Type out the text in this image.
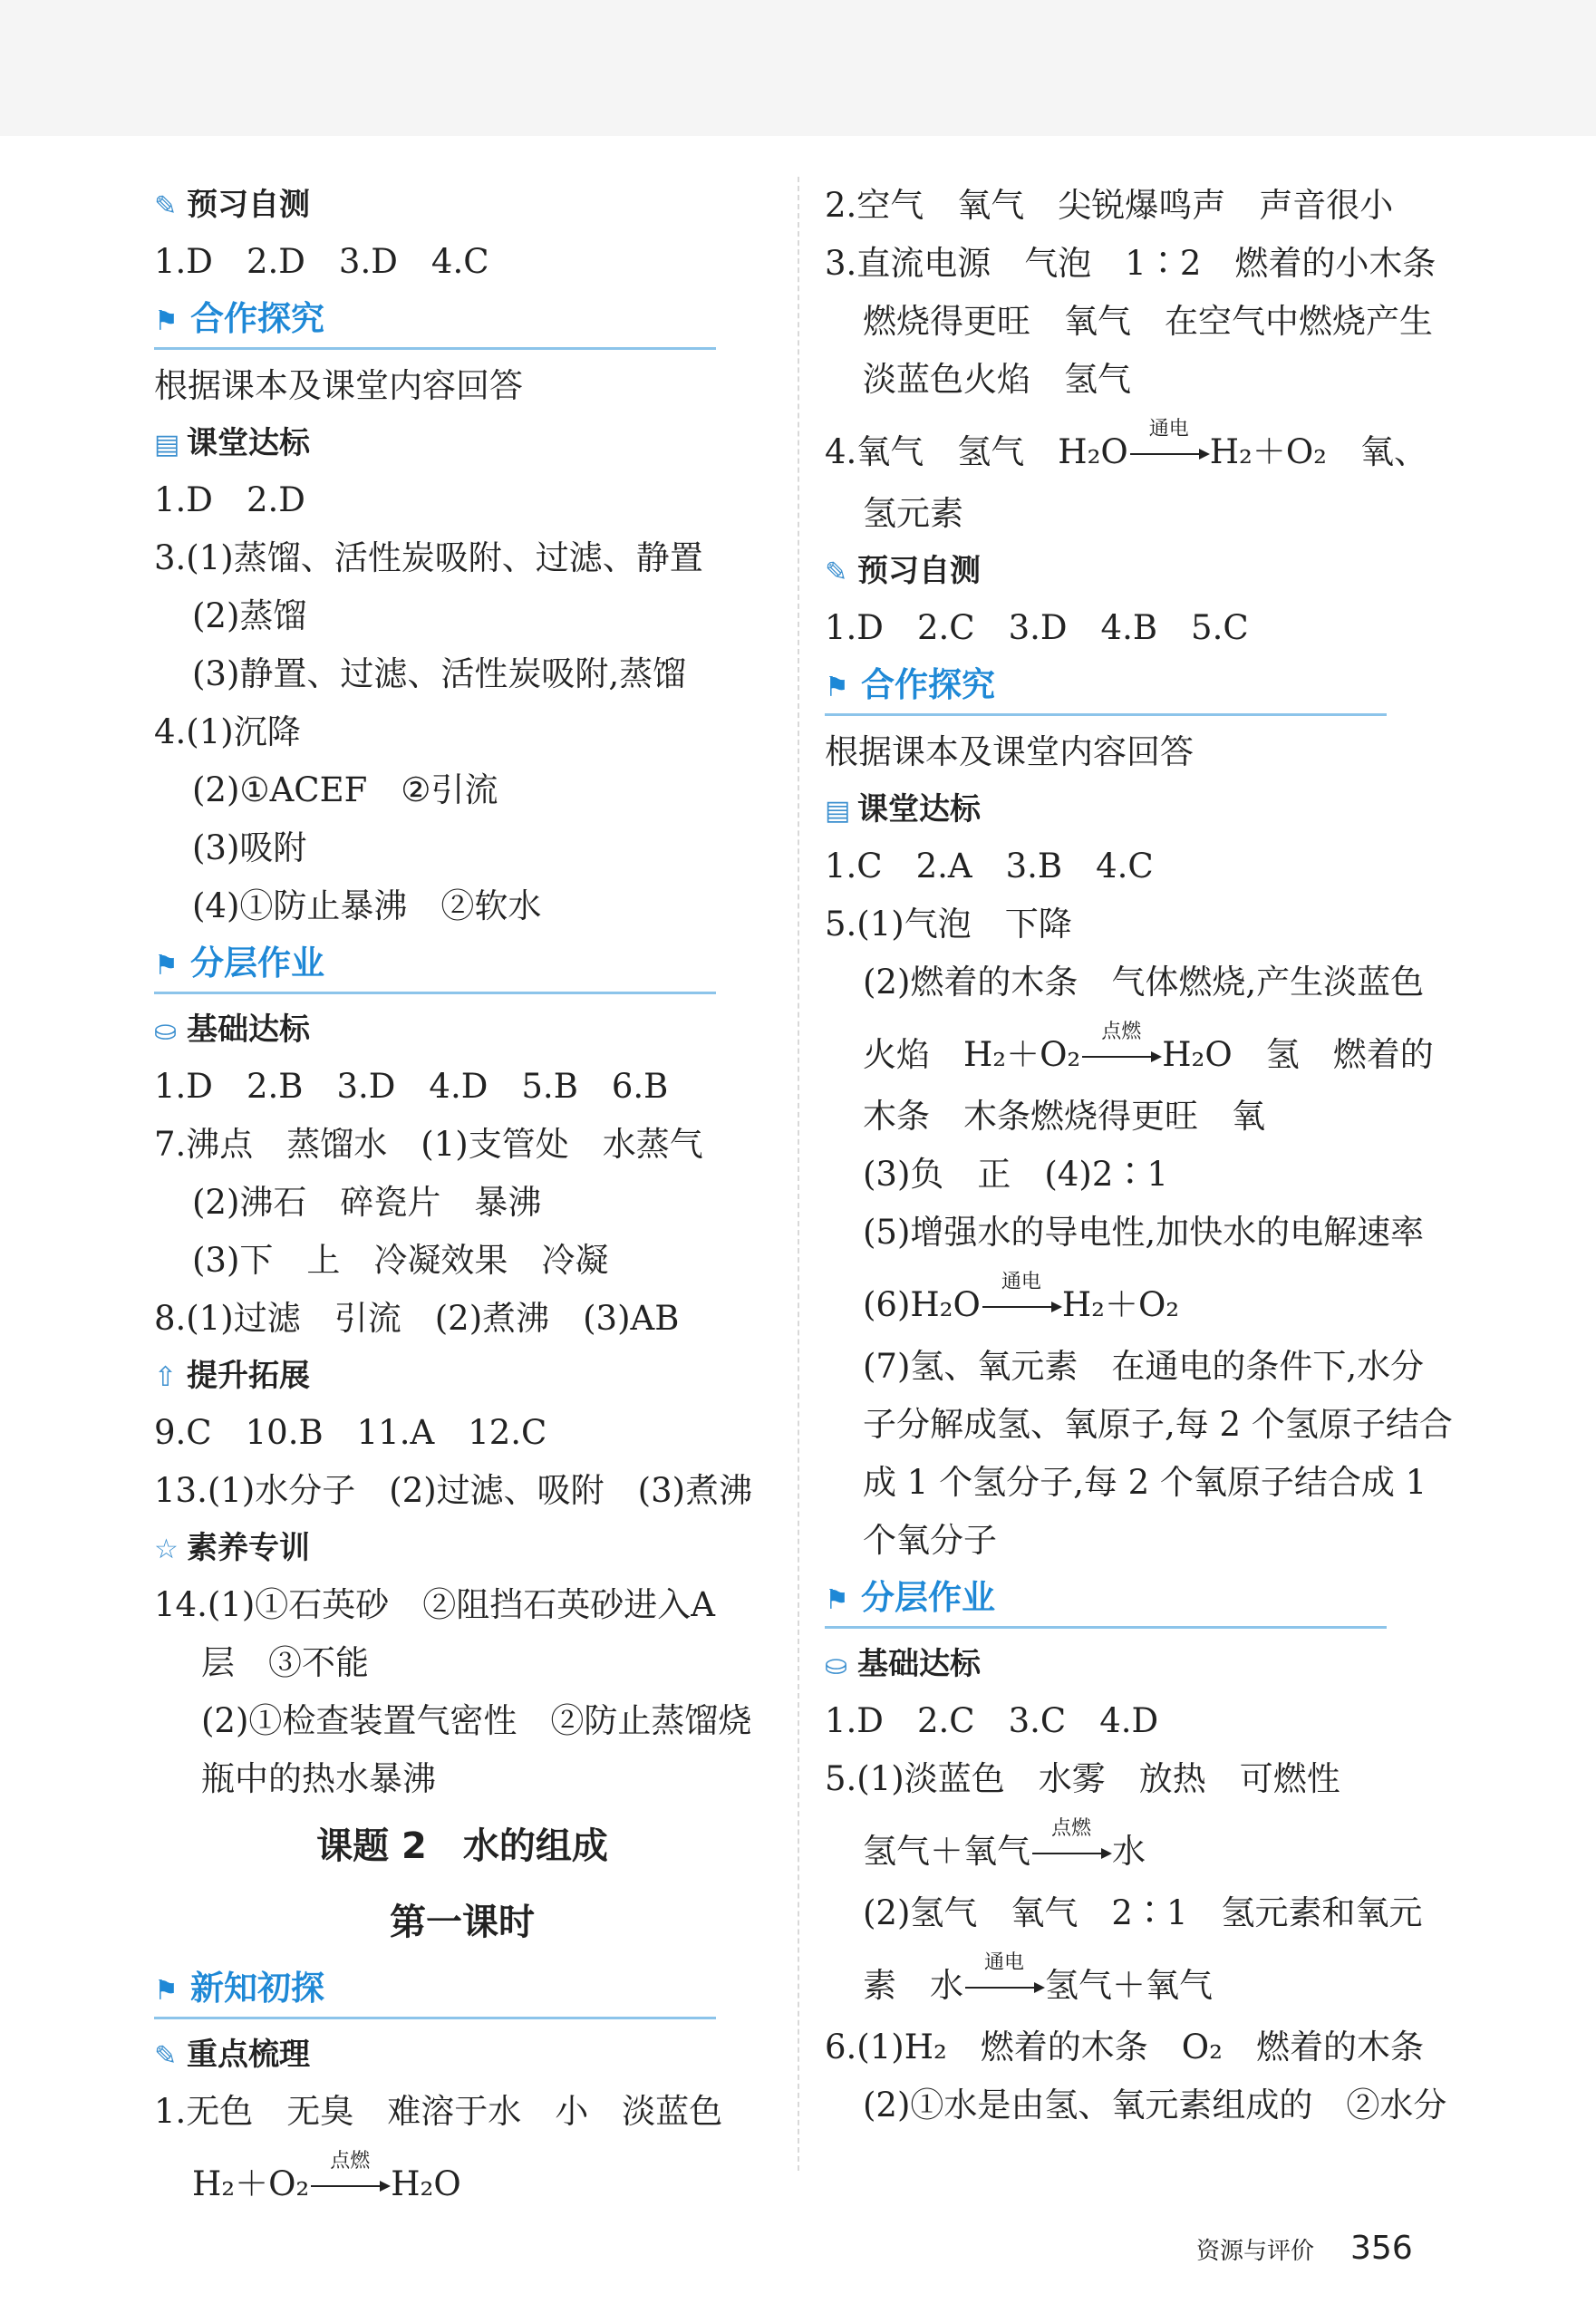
✎ 预习自测
1.D　2.D　3.D　4.C
⚑ 合作探究
根据课本及课堂内容回答
▤ 课堂达标
1.D　2.D
3.(1)蒸馏、活性炭吸附、过滤、静置
(2)蒸馏
(3)静置、过滤、活性炭吸附,蒸馏
4.(1)沉降
(2)①ACEF　②引流
(3)吸附
(4)①防止暴沸　②软水
⚑ 分层作业
⛀ 基础达标
1.D　2.B　3.D　4.D　5.B　6.B
7.沸点　蒸馏水　(1)支管处　水蒸气
(2)沸石　碎瓷片　暴沸
(3)下　上　冷凝效果　冷凝
8.(1)过滤　引流　(2)煮沸　(3)AB
⇧ 提升拓展
9.C　10.B　11.A　12.C
13.(1)水分子　(2)过滤、吸附　(3)煮沸
☆ 素养专训
14.(1)①石英砂　②阻挡石英砂进入A
层　③不能
(2)①检查装置气密性　②防止蒸馏烧
瓶中的热水暴沸
课题 2　水的组成
第一课时
⚑ 新知初探
✎ 重点梳理
1.无色　无臭　难溶于水　小　淡蓝色
H₂＋O₂
点燃
H₂O
2.空气　氧气　尖锐爆鸣声　声音很小
3.直流电源　气泡　1∶2　燃着的小木条
燃烧得更旺　氧气　在空气中燃烧产生
淡蓝色火焰　氢气
4.氧气　氢气　H₂O
通电
H₂＋O₂　氧、
氢元素
✎ 预习自测
1.D　2.C　3.D　4.B　5.C
⚑ 合作探究
根据课本及课堂内容回答
▤ 课堂达标
1.C　2.A　3.B　4.C
5.(1)气泡　下降
(2)燃着的木条　气体燃烧,产生淡蓝色
火焰　H₂＋O₂
点燃
H₂O　氢　燃着的
木条　木条燃烧得更旺　氧
(3)负　正　(4)2∶1
(5)增强水的导电性,加快水的电解速率
(6)H₂O
通电
H₂＋O₂
(7)氢、氧元素　在通电的条件下,水分
子分解成氢、氧原子,每 2 个氢原子结合
成 1 个氢分子,每 2 个氧原子结合成 1
个氧分子
⚑ 分层作业
⛀ 基础达标
1.D　2.C　3.C　4.D
5.(1)淡蓝色　水雾　放热　可燃性
氢气＋氧气
点燃
水
(2)氢气　氧气　2∶1　氢元素和氧元
素　水
通电
氢气＋氧气
6.(1)H₂　燃着的木条　O₂　燃着的木条
(2)①水是由氢、氧元素组成的　②水分
资源与评价 356
